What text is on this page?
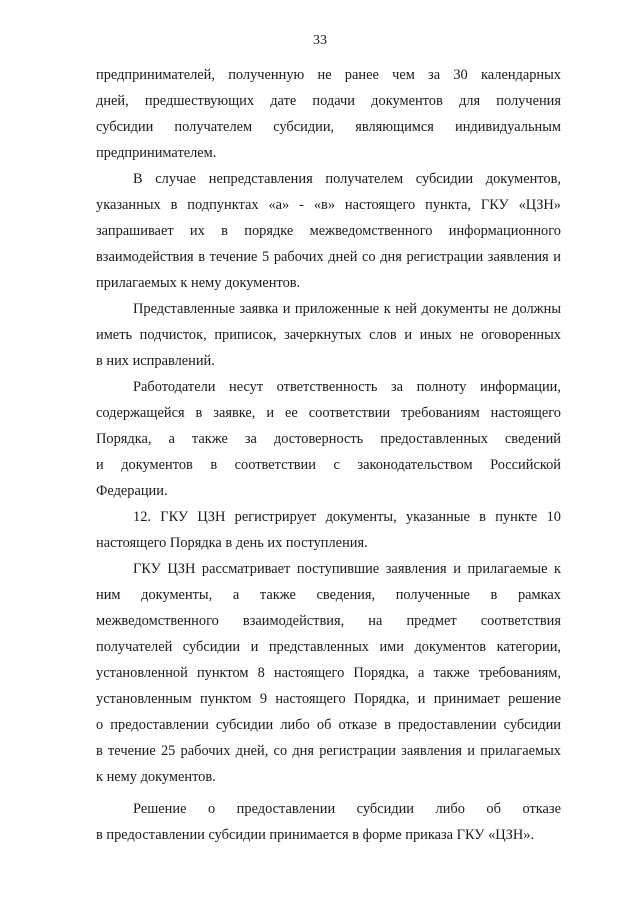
33
предпринимателей, полученную не ранее чем за 30 календарных
дней, предшествующих дате подачи документов для получения
субсидии получателем субсидии, являющимся индивидуальным
предпринимателем.
В случае непредставления получателем субсидии документов,
указанных в подпунктах «а» - «в» настоящего пункта, ГКУ «ЦЗН»
запрашивает их в порядке межведомственного информационного
взаимодействия в течение 5 рабочих дней со дня регистрации заявления и
прилагаемых к нему документов.
Представленные заявка и приложенные к ней документы не должны
иметь подчисток, приписок, зачеркнутых слов и иных не оговоренных
в них исправлений.
Работодатели несут ответственность за полноту информации,
содержащейся в заявке, и ее соответствии требованиям настоящего
Порядка, а также за достоверность предоставленных сведений
и документов в соответствии с законодательством Российской
Федерации.
12. ГКУ ЦЗН регистрирует документы, указанные в пункте 10
настоящего Порядка в день их поступления.
ГКУ ЦЗН рассматривает поступившие заявления и прилагаемые к
ним документы, а также сведения, полученные в рамках
межведомственного взаимодействия, на предмет соответствия
получателей субсидии и представленных ими документов категории,
установленной пунктом 8 настоящего Порядка, а также требованиям,
установленным пунктом 9 настоящего Порядка, и принимает решение
о предоставлении субсидии либо об отказе в предоставлении субсидии
в течение 25 рабочих дней, со дня регистрации заявления и прилагаемых
к нему документов.
Решение о предоставлении субсидии либо об отказе
в предоставлении субсидии принимается в форме приказа ГКУ «ЦЗН».
